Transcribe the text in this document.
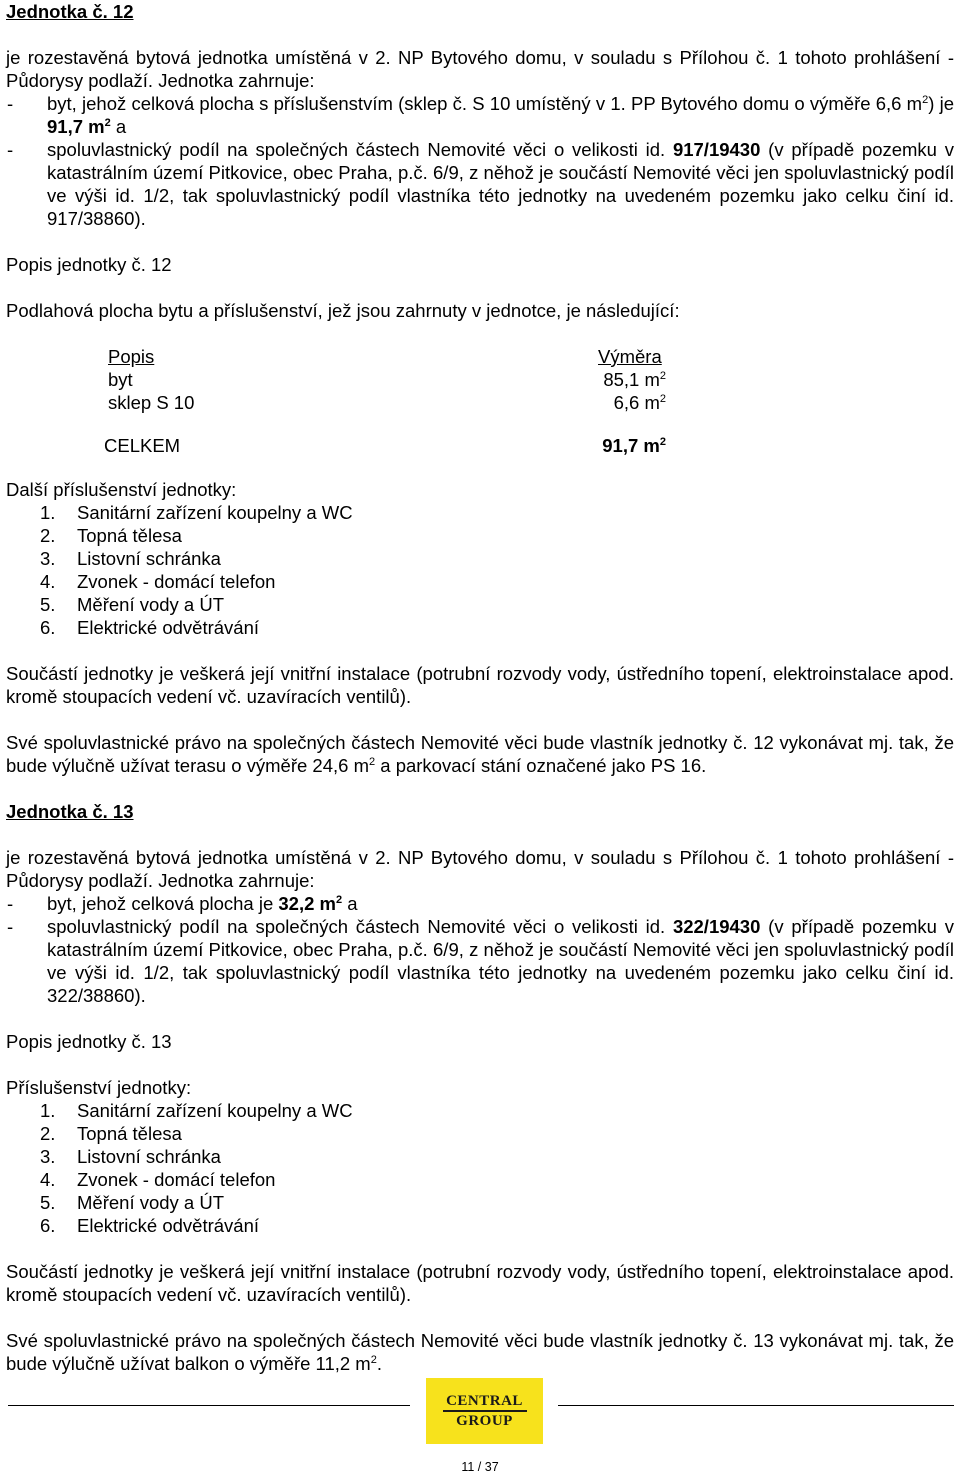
Jednotka č. 12

je rozestavěná bytová jednotka umístěná v 2. NP Bytového domu, v souladu s Přílohou č. 1 tohoto prohlášení - Půdorysy podlaží. Jednotka zahrnuje:

-	byt, jehož celková plocha s příslušenstvím (sklep č. S 10 umístěný v 1. PP Bytového domu o výměře 6,6 $m^2$) je 91,7 $m^2$ a
-	spoluvlastnický podíl na společných částech Nemovité věci o velikosti id. 917/19430 (v případě pozemku v katastrálním území Pitkovice, obec Praha, p.č. 6/9, z něhož je součástí Nemovité věci jen spoluvlastnický podíl ve výši id. 1/2, tak spoluvlastnický podíl vlastníka této jednotky na uvedeném pozemku jako celku činí id. 917/38860).

Popis jednotky č. 12

Podlahová plocha bytu a příslušenství, jež jsou zahrnuty v jednotce, je následující:

Popis	Výměra
byt	85,1 $m^2$
sklep S 10	6,6 $m^2$
CELKEM	91,7 $m^2$

Další příslušenství jednotky:

1.	Sanitární zařízení koupelny a WC
2.	Topná tělesa
3.	Listovní schránka
4.	Zvonek - domácí telefon
5.	Měření vody a ÚT
6.	Elektrické odvětrávání

Součástí jednotky je veškerá její vnitřní instalace (potrubní rozvody vody, ústředního topení, elektroinstalace apod. kromě stoupacích vedení vč. uzavíracích ventilů).

Své spoluvlastnické právo na společných částech Nemovité věci bude vlastník jednotky č. 12 vykonávat mj. tak, že bude výlučně užívat terasu o výměře 24,6 $m^2$ a parkovací stání označené jako PS 16.

Jednotka č. 13

je rozestavěná bytová jednotka umístěná v 2. NP Bytového domu, v souladu s Přílohou č. 1 tohoto prohlášení - Půdorysy podlaží. Jednotka zahrnuje:

-	byt, jehož celková plocha je 32,2 $m^2$ a
-	spoluvlastnický podíl na společných částech Nemovité věci o velikosti id. 322/19430 (v případě pozemku v katastrálním území Pitkovice, obec Praha, p.č. 6/9, z něhož je součástí Nemovité věci jen spoluvlastnický podíl ve výši id. 1/2, tak spoluvlastnický podíl vlastníka této jednotky na uvedeném pozemku jako celku činí id. 322/38860).

Popis jednotky č. 13

Příslušenství jednotky:

1.	Sanitární zařízení koupelny a WC
2.	Topná tělesa
3.	Listovní schránka
4.	Zvonek - domácí telefon
5.	Měření vody a ÚT
6.	Elektrické odvětrávání

Součástí jednotky je veškerá její vnitřní instalace (potrubní rozvody vody, ústředního topení, elektroinstalace apod. kromě stoupacích vedení vč. uzavíracích ventilů).

Své spoluvlastnické právo na společných částech Nemovité věci bude vlastník jednotky č. 13 vykonávat mj. tak, že bude výlučně užívat balkon o výměře 11,2 $m^2$.

CENTRAL
GROUP
11 / 37
